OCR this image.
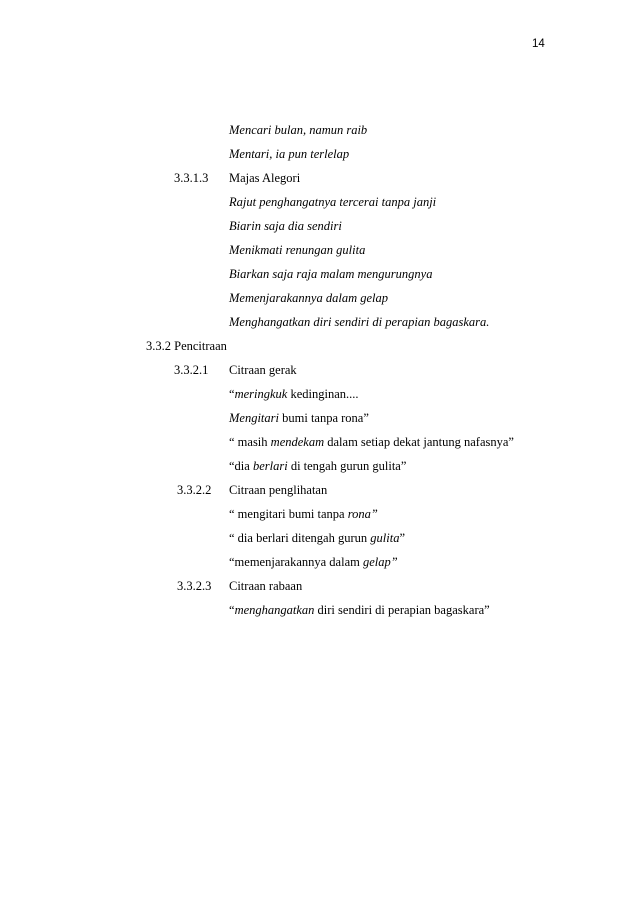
14
Mencari bulan, namun raib
Mentari, ia pun terlelap
3.3.1.3 Majas Alegori
Rajut penghangatnya tercerai tanpa janji
Biarin saja dia sendiri
Menikmati renungan gulita
Biarkan saja raja malam mengurungnya
Memenjarakannya dalam gelap
Menghangatkan diri sendiri di perapian bagaskara.
3.3.2 Pencitraan
3.3.2.1 Citraan gerak
“meringkuk kedinginan....
Mengitari bumi tanpa rona”
“ masih mendekam dalam setiap dekat jantung nafasnya”
“dia berlari di tengah gurun gulita”
3.3.2.2 Citraan penglihatan
“ mengitari bumi tanpa rona”
“ dia berlari ditengah gurun gulita”
“memenjarakannya dalam gelap”
3.3.2.3 Citraan rabaan
“menghangatkan diri sendiri di perapian bagaskara”
